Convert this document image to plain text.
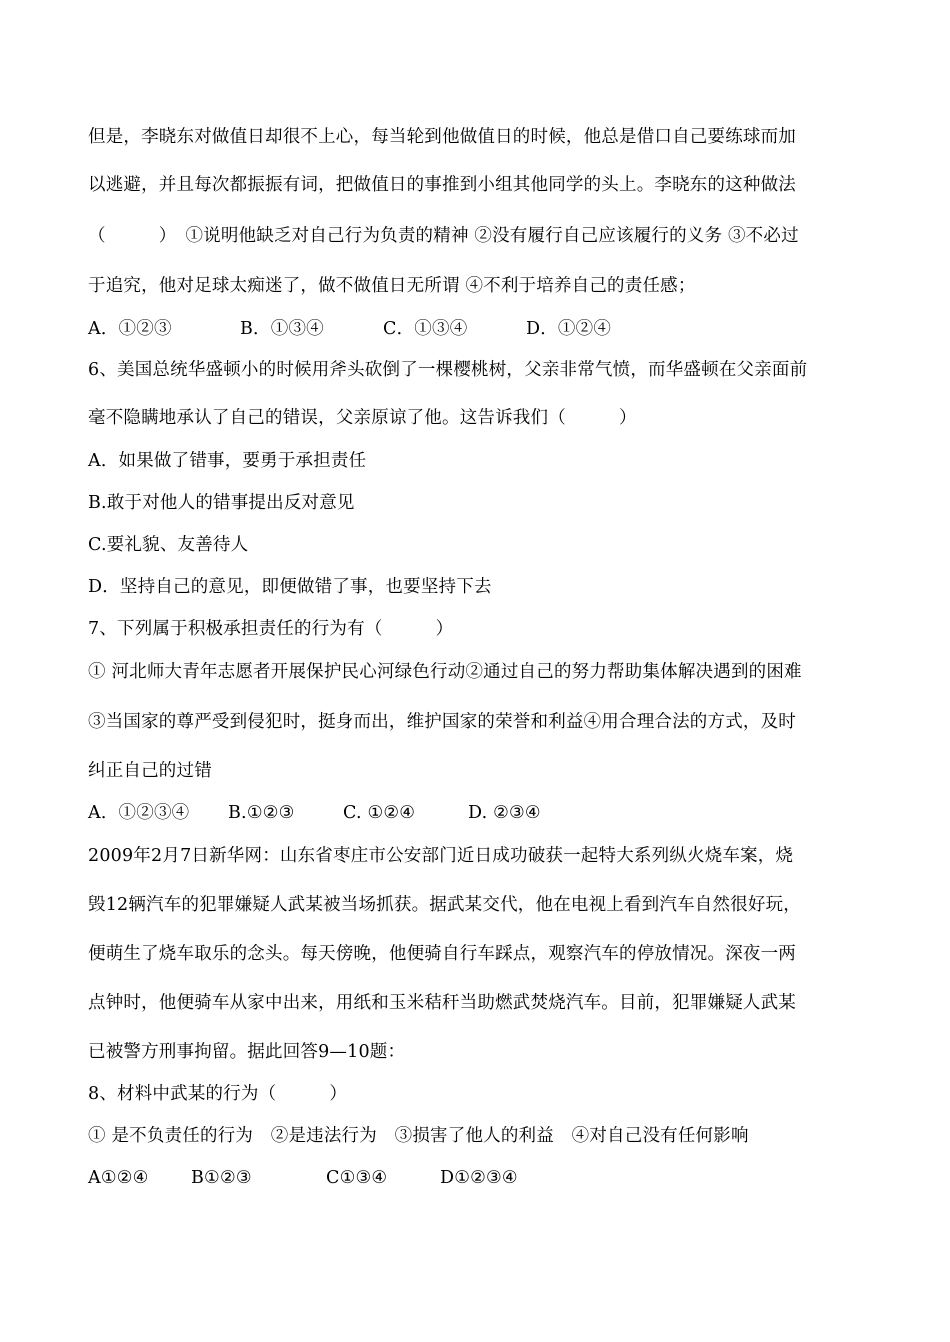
但是，李晓东对做值日却很不上心，每当轮到他做值日的时候，他总是借口自己要练球而加
以逃避，并且每次都振振有词，把做值日的事推到小组其他同学的头上。李晓东的这种做法
（　　　）　①说明他缺乏对自己行为负责的精神 ②没有履行自己应该履行的义务 ③不必过
于追究，他对足球太痴迷了，做不做值日无所谓 ④不利于培养自己的责任感；
A．①②③	B．①③④	C．①③④	D．①②④
6、美国总统华盛顿小的时候用斧头砍倒了一棵樱桃树，父亲非常气愤，而华盛顿在父亲面前
毫不隐瞒地承认了自己的错误，父亲原谅了他。这告诉我们（　　　）
A．如果做了错事，要勇于承担责任
B.敢于对他人的错事提出反对意见
C.要礼貌、友善待人
D．坚持自己的意见，即便做错了事，也要坚持下去
7、下列属于积极承担责任的行为有（　　　）
① 河北师大青年志愿者开展保护民心河绿色行动②通过自己的努力帮助集体解决遇到的困难
③当国家的尊严受到侵犯时，挺身而出，维护国家的荣誉和利益④用合理合法的方式，及时
纠正自己的过错
A．①②③④ B.①②③	C. ①②④	D. ②③④
2009年2月7日新华网：山东省枣庄市公安部门近日成功破获一起特大系列纵火烧车案，烧
毁12辆汽车的犯罪嫌疑人武某被当场抓获。据武某交代，他在电视上看到汽车自然很好玩，
便萌生了烧车取乐的念头。每天傍晚，他便骑自行车踩点，观察汽车的停放情况。深夜一两
点钟时，他便骑车从家中出来，用纸和玉米秸秆当助燃武焚烧汽车。目前，犯罪嫌疑人武某
已被警方刑事拘留。据此回答9—10题：
8、材料中武某的行为（　　　）
① 是不负责任的行为　②是违法行为　③损害了他人的利益　④对自己没有任何影响
A①②④ B①②③	C①③④	D①②③④
